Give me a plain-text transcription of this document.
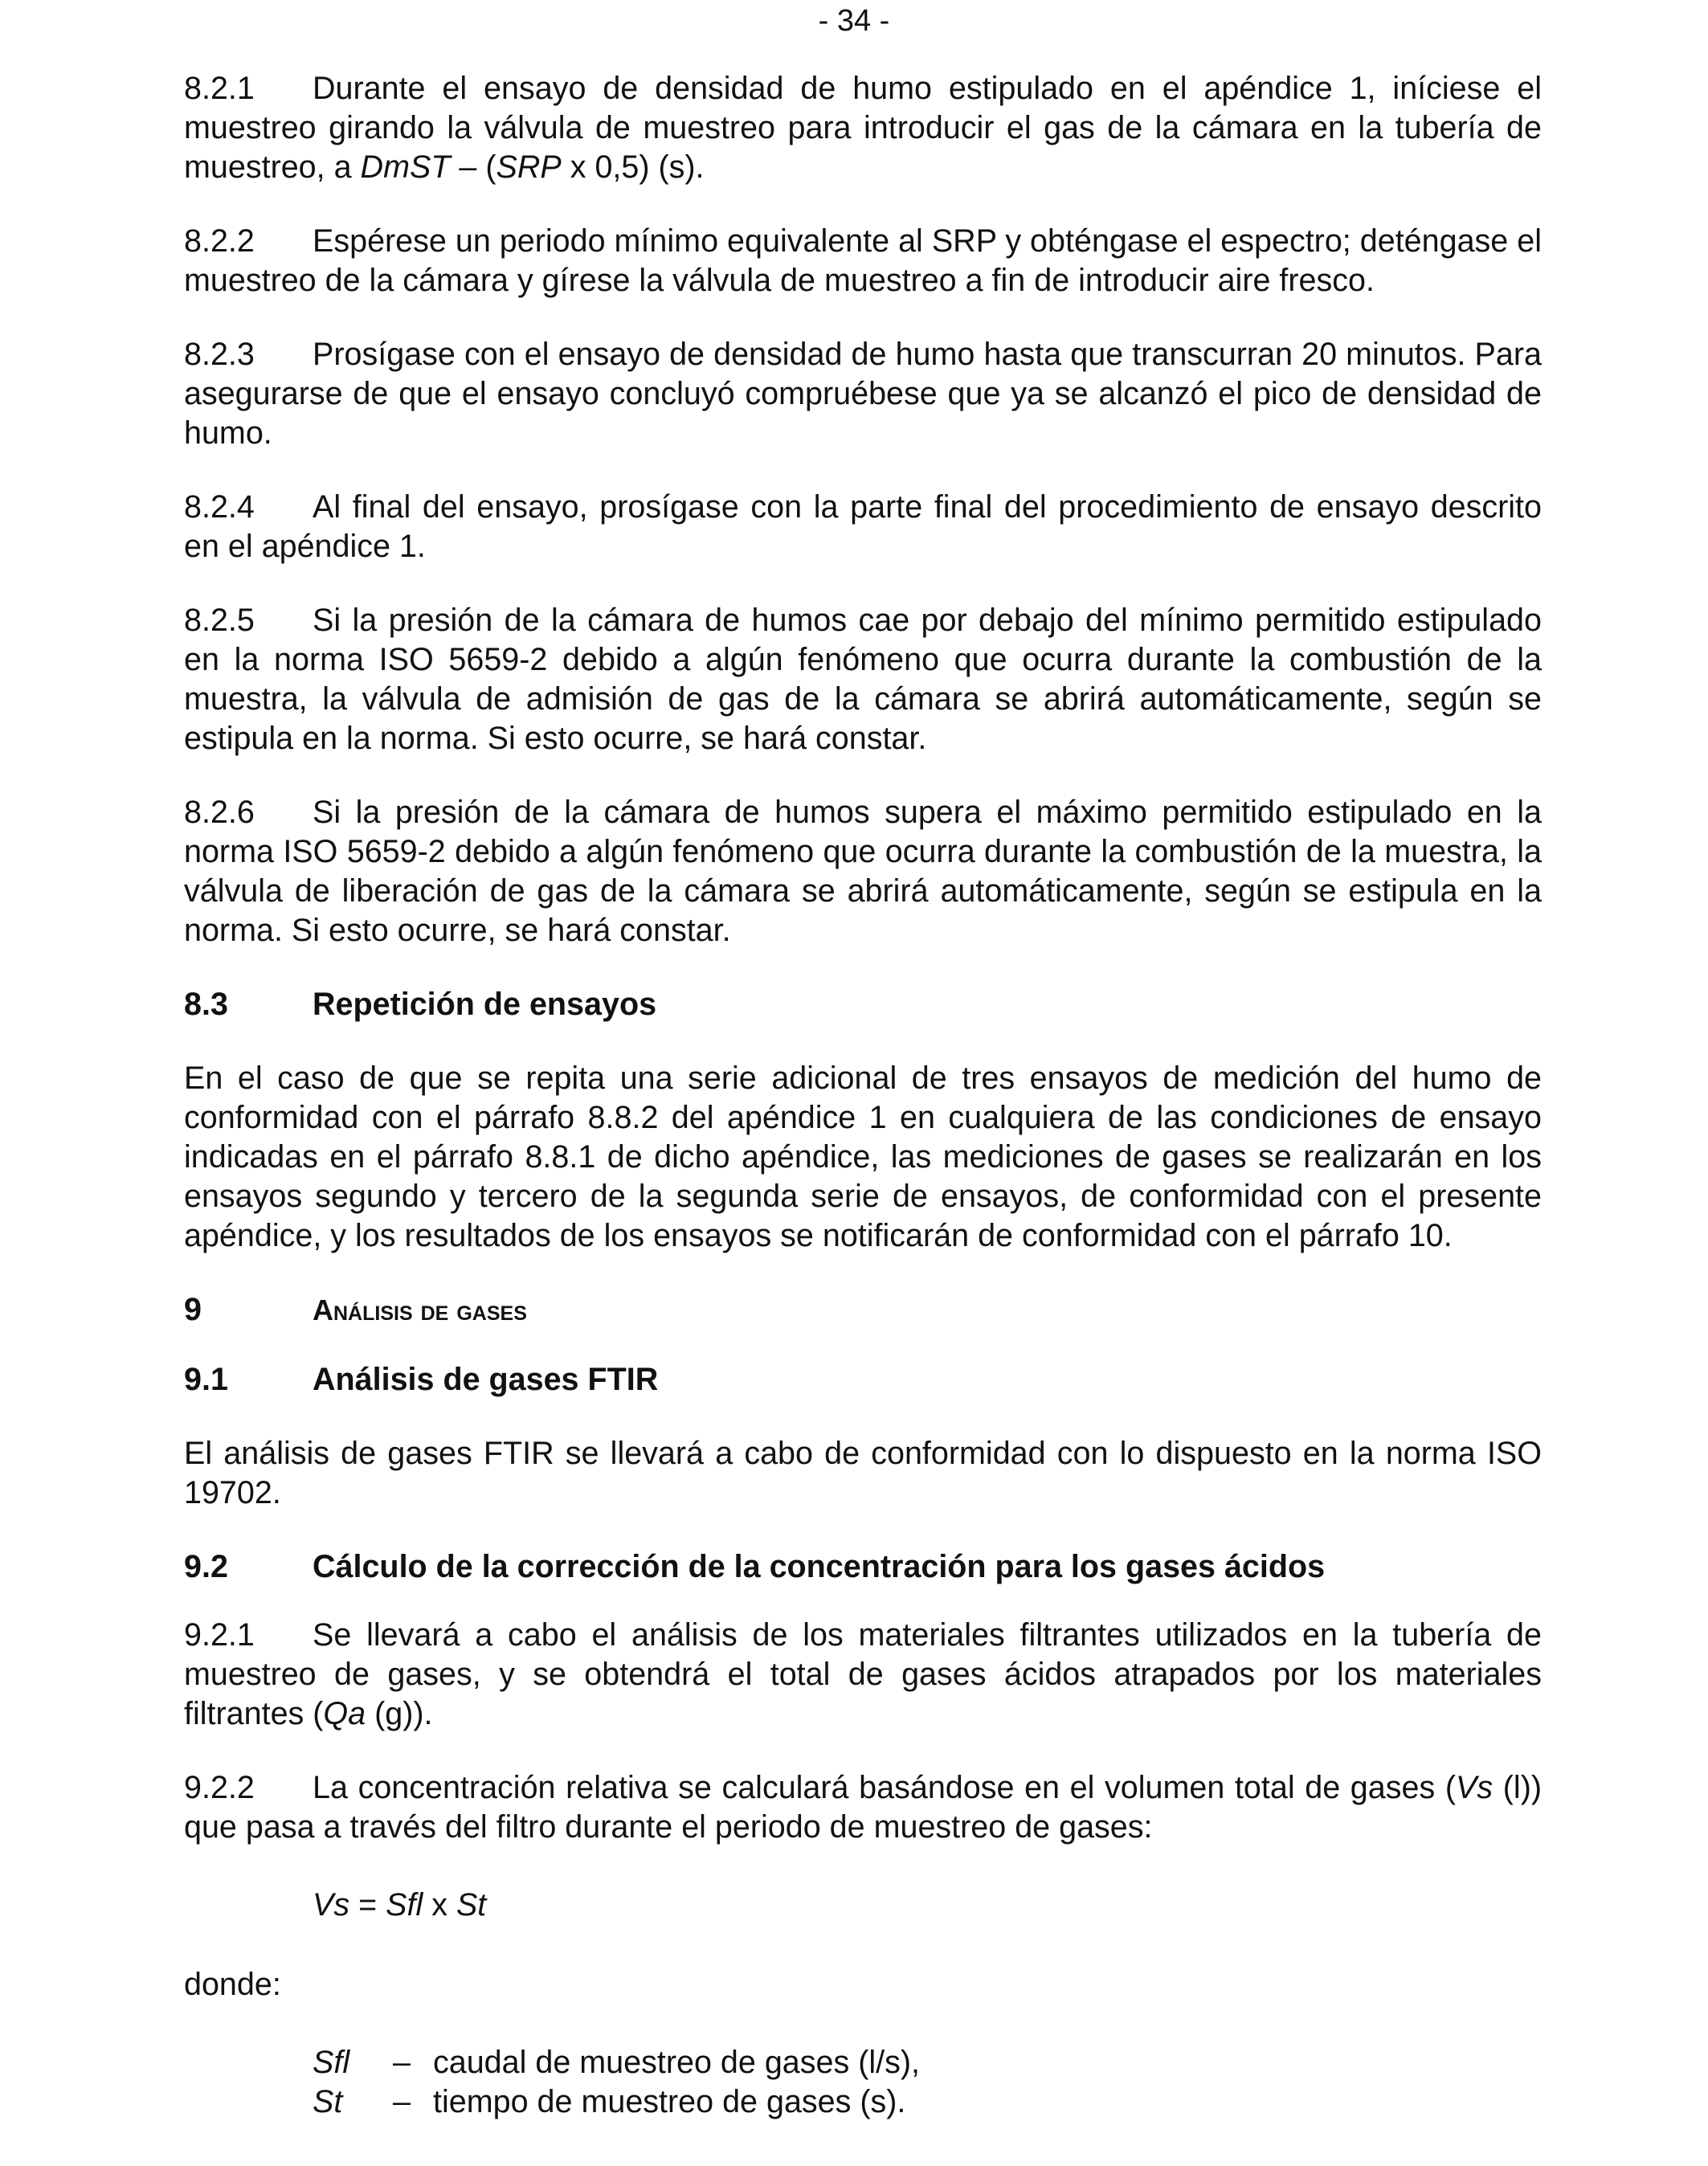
- 34 -

8.2.1 Durante el ensayo de densidad de humo estipulado en el apéndice 1, iníciese el muestreo girando la válvula de muestreo para introducir el gas de la cámara en la tubería de muestreo, a DmST – (SRP x 0,5) (s).

8.2.2 Espérese un periodo mínimo equivalente al SRP y obténgase el espectro; deténgase el muestreo de la cámara y gírese la válvula de muestreo a fin de introducir aire fresco.

8.2.3 Prosígase con el ensayo de densidad de humo hasta que transcurran 20 minutos. Para asegurarse de que el ensayo concluyó compruébese que ya se alcanzó el pico de densidad de humo.

8.2.4 Al final del ensayo, prosígase con la parte final del procedimiento de ensayo descrito en el apéndice 1.

8.2.5 Si la presión de la cámara de humos cae por debajo del mínimo permitido estipulado en la norma ISO 5659-2 debido a algún fenómeno que ocurra durante la combustión de la muestra, la válvula de admisión de gas de la cámara se abrirá automáticamente, según se estipula en la norma. Si esto ocurre, se hará constar.

8.2.6 Si la presión de la cámara de humos supera el máximo permitido estipulado en la norma ISO 5659-2 debido a algún fenómeno que ocurra durante la combustión de la muestra, la válvula de liberación de gas de la cámara se abrirá automáticamente, según se estipula en la norma. Si esto ocurre, se hará constar.

8.3	Repetición de ensayos

En el caso de que se repita una serie adicional de tres ensayos de medición del humo de conformidad con el párrafo 8.8.2 del apéndice 1 en cualquiera de las condiciones de ensayo indicadas en el párrafo 8.8.1 de dicho apéndice, las mediciones de gases se realizarán en los ensayos segundo y tercero de la segunda serie de ensayos, de conformidad con el presente apéndice, y los resultados de los ensayos se notificarán de conformidad con el párrafo 10.

9	Análisis de gases

9.1	Análisis de gases FTIR

El análisis de gases FTIR se llevará a cabo de conformidad con lo dispuesto en la norma ISO 19702.

9.2	Cálculo de la corrección de la concentración para los gases ácidos

9.2.1 Se llevará a cabo el análisis de los materiales filtrantes utilizados en la tubería de muestreo de gases, y se obtendrá el total de gases ácidos atrapados por los materiales filtrantes (Qa (g)).

9.2.2 La concentración relativa se calculará basándose en el volumen total de gases (Vs (l)) que pasa a través del filtro durante el periodo de muestreo de gases:

Vs = Sfl x St

donde:

Sfl	– caudal de muestreo de gases (l/s),
St	– tiempo de muestreo de gases (s).
